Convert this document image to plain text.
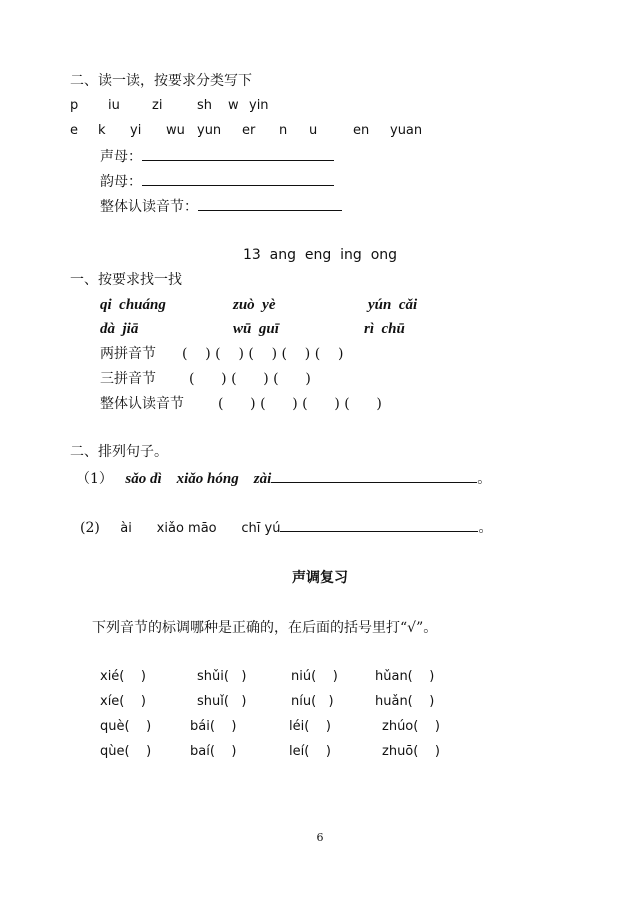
二、读一读，按要求分类写下
p iu zi	sh w yin
e k yi wu yun er n u	en yuan
声母：
韵母：
整体认读音节：
13  ang  eng  ing  ong
一、按要求找一找
qi  chuáng	zuò  yè	yún  cǎi
dà  jiā	wū  guī	rì  chū
两拼音节 (    ) (    ) (    ) (    ) (    )
三拼音节 (      ) (      ) (      )
整体认读音节 (      ) (      ) (      ) (      )
二、排列句子。
（1） sǎo dì    xiǎo hóng    zài	。
(2) ài      xiǎo māo      chī yú	。
声调复习
下列音节的标调哪种是正确的，在后面的括号里打“√”。
xié(    )	shǔi(   )	niú(    )	hǔan(    )
xíe(    )	shuǐ(   )	níu(   )	huǎn(    )
què(    )	bái(    )	léi(    )	zhúo(    )
qùe(    )	baí(    )	leí(    )	zhuō(    )
6
